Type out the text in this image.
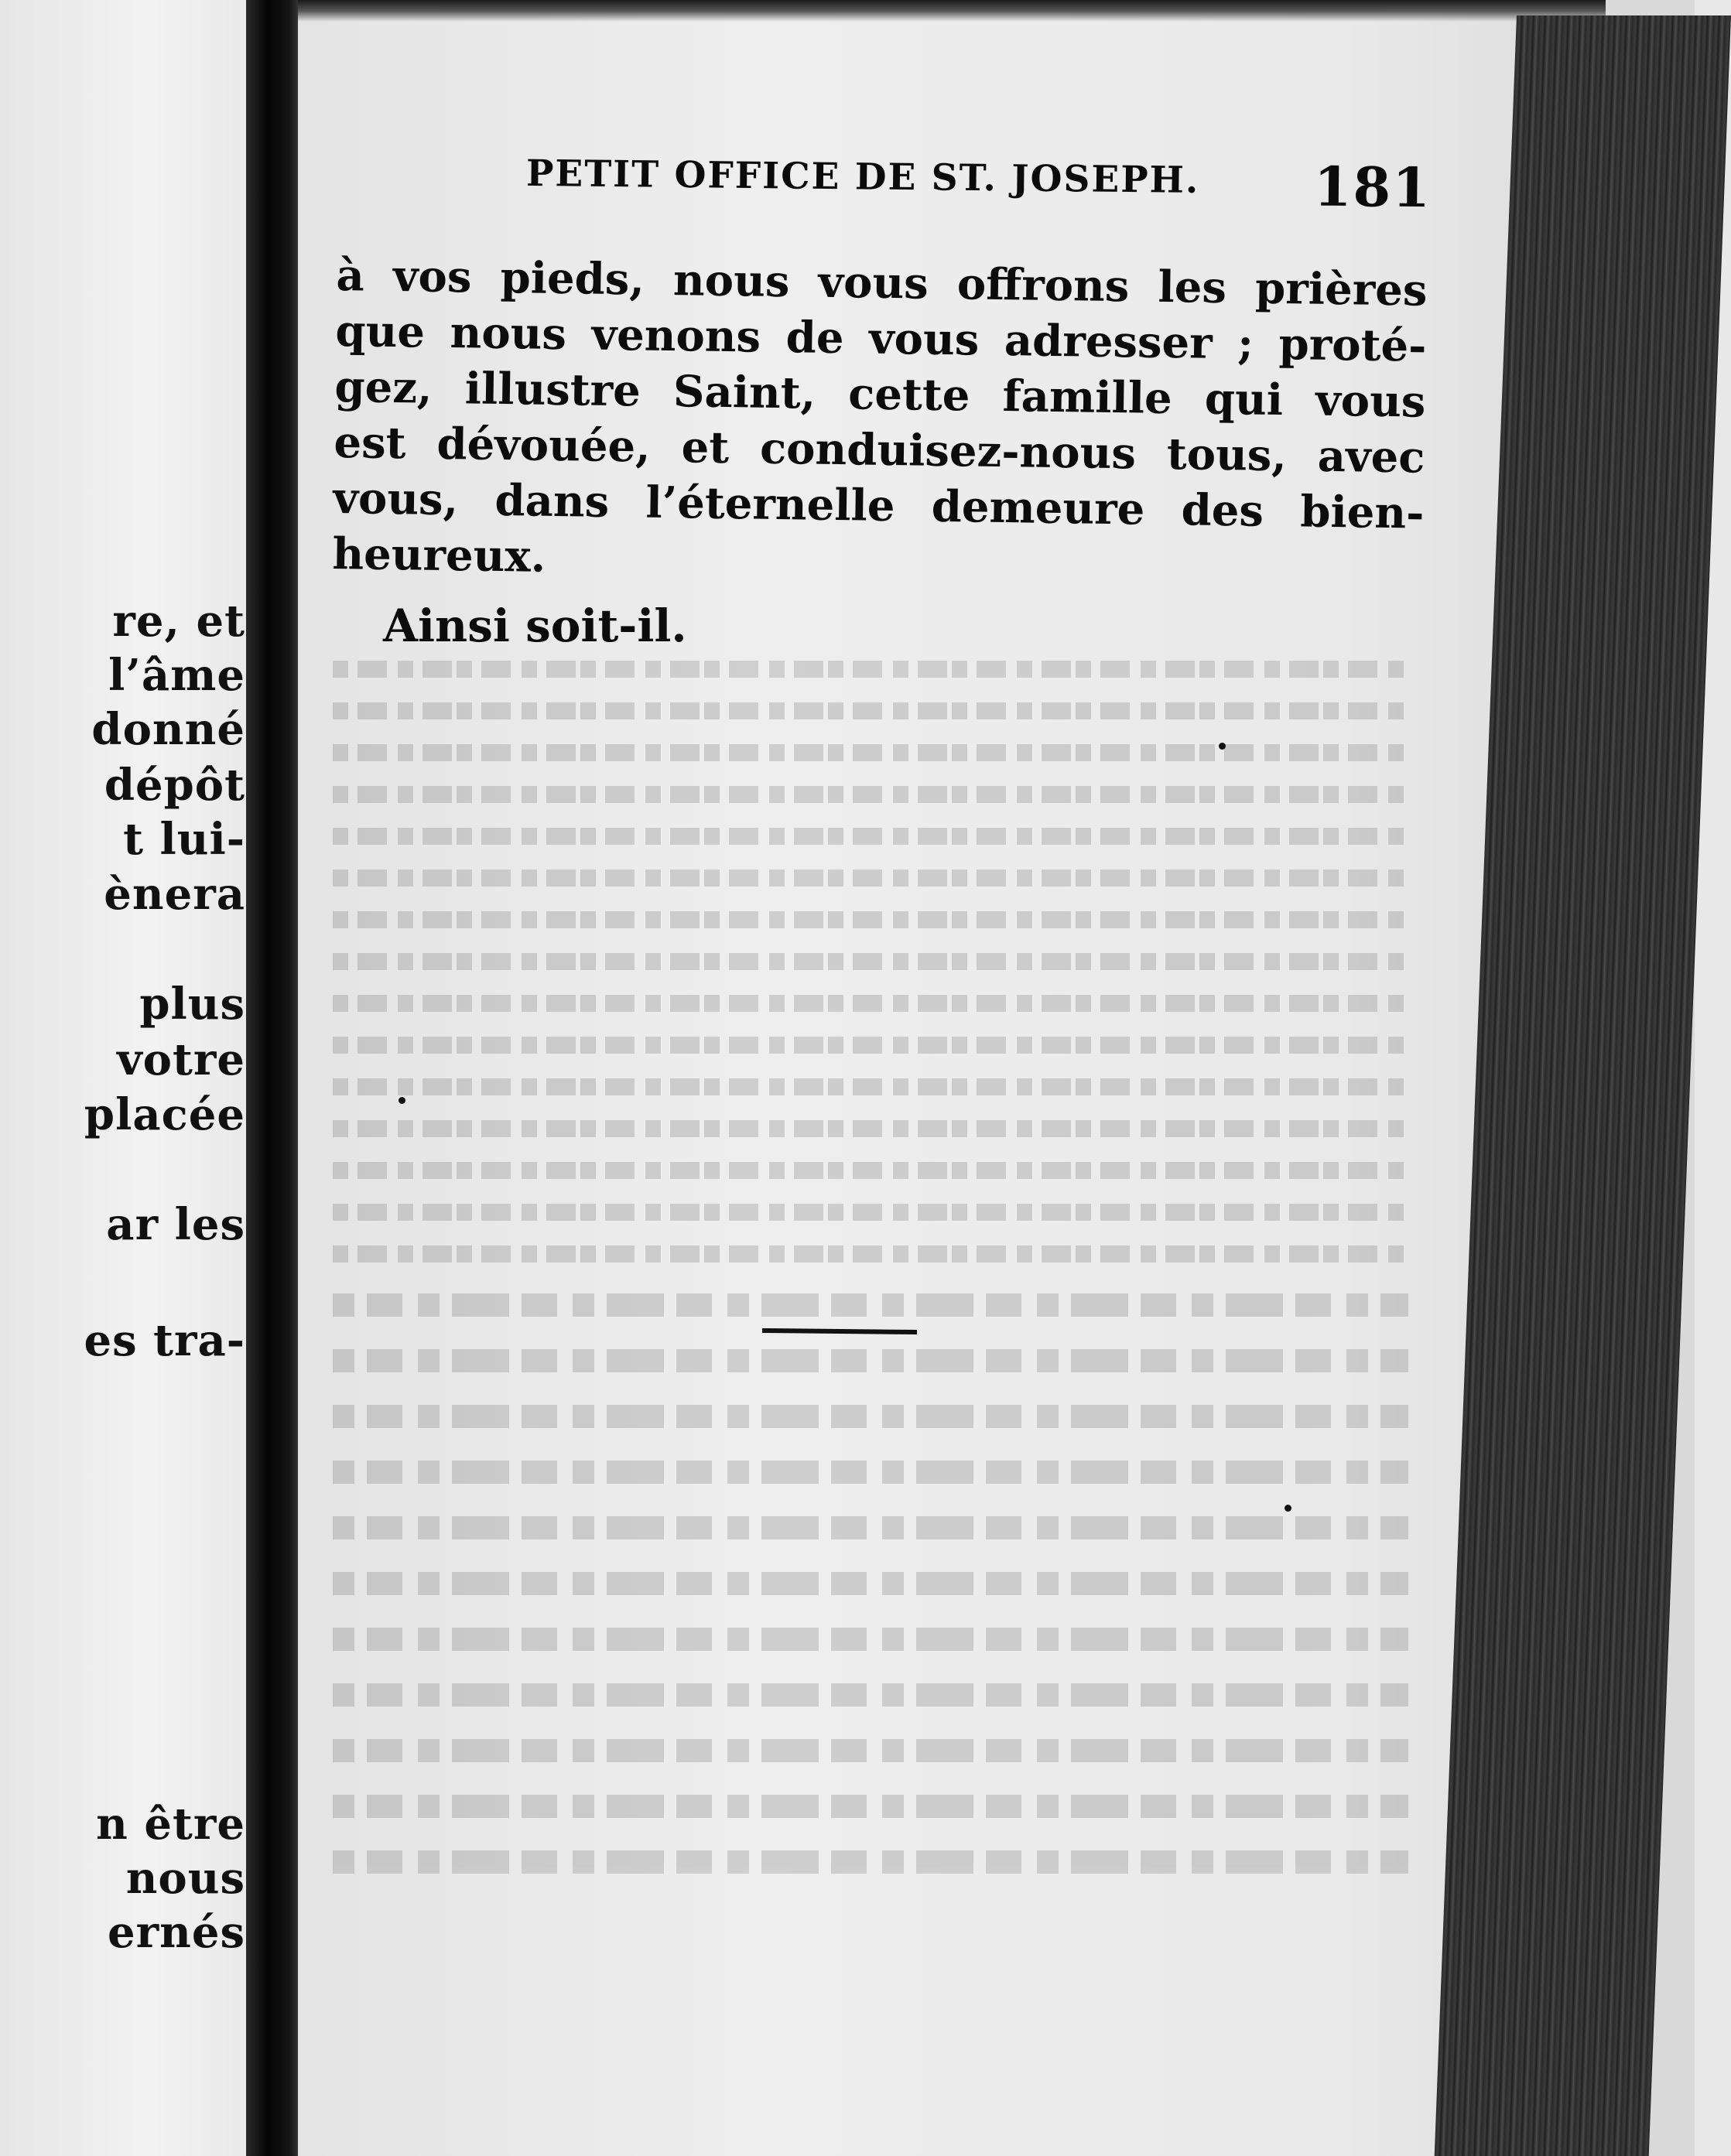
re, et
l’âme
donné
dépôt
t lui-
ènera
plus
votre
placée
ar les
es tra-
n être
nous
ernés
PETIT OFFICE DE ST. JOSEPH. 181
à vos pieds, nous vous offrons les prières
que nous venons de vous adresser ; proté-
gez, illustre Saint, cette famille qui vous
est dévouée, et conduisez-nous tous, avec
vous, dans l’éternelle demeure des bien-
heureux.
Ainsi soit-il.
